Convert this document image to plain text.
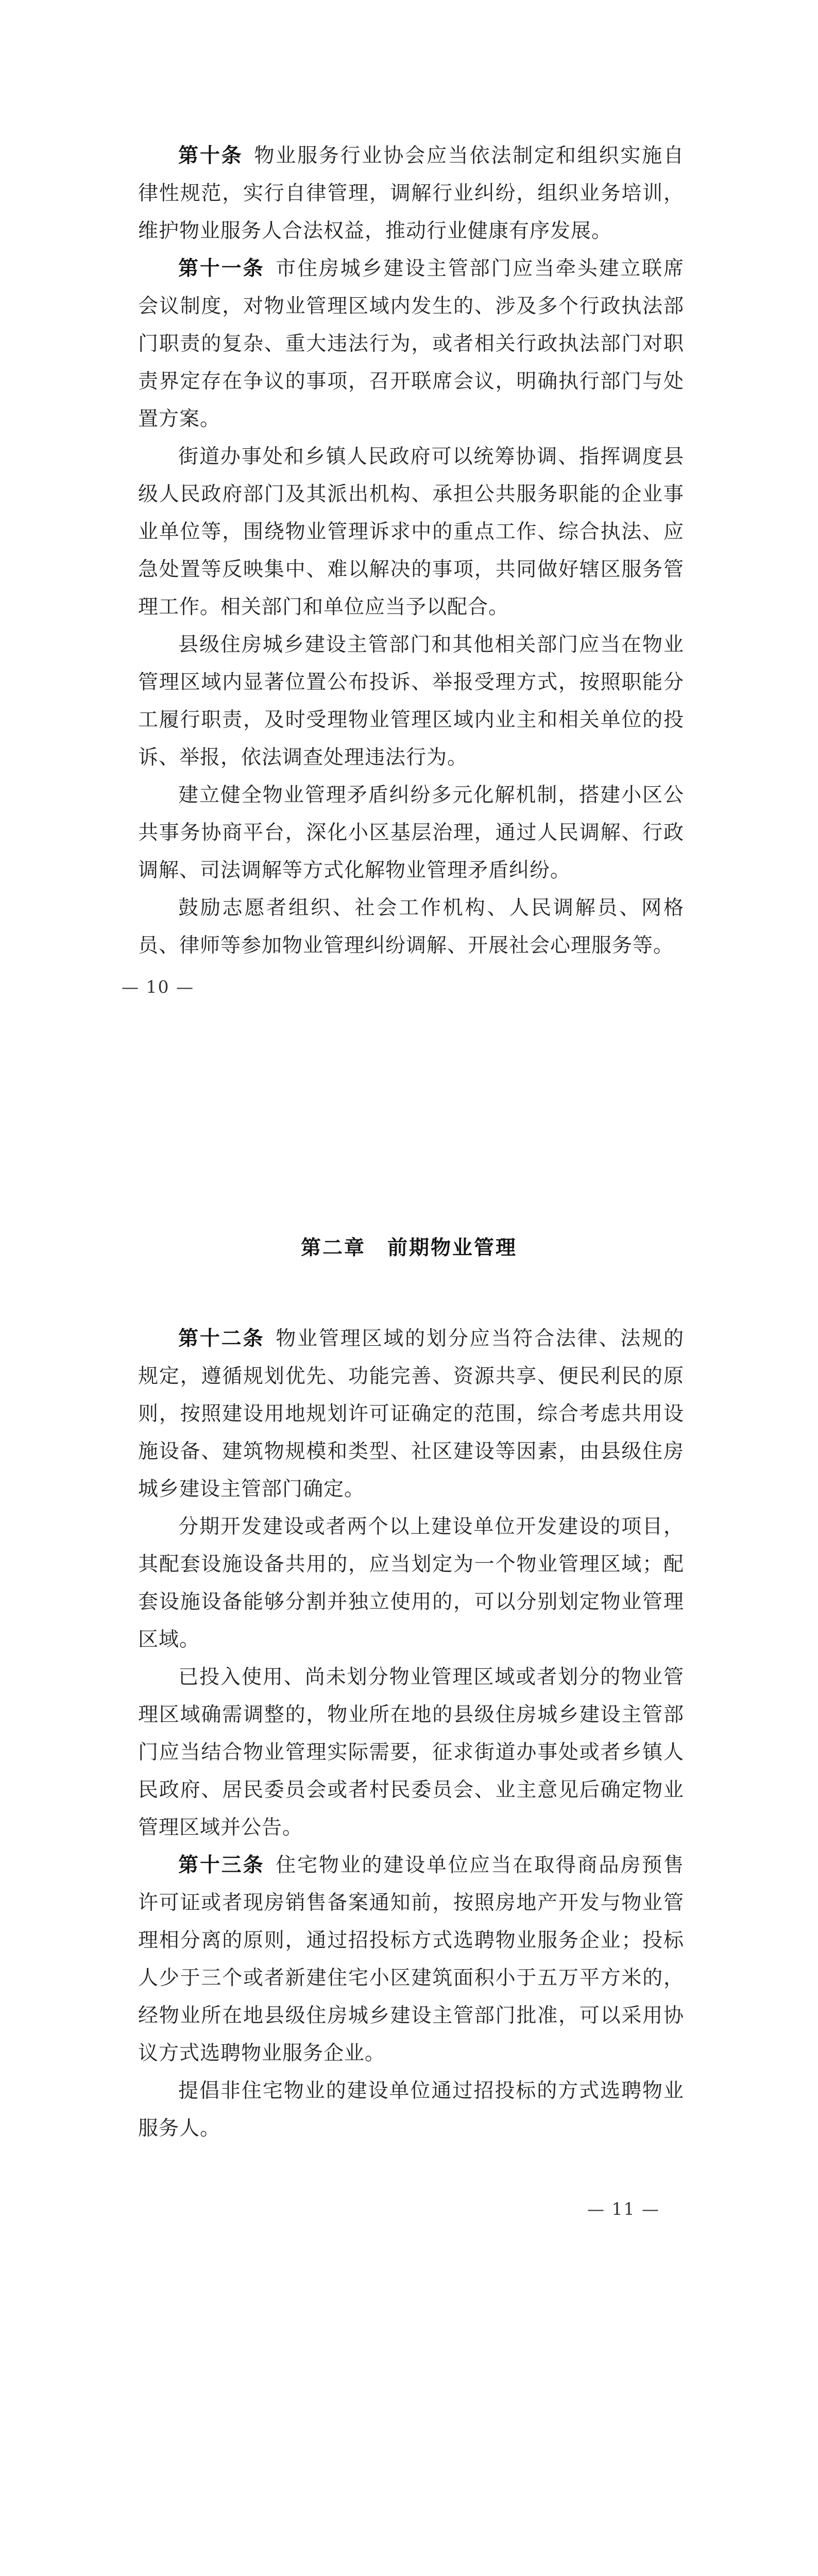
第十条 物业服务行业协会应当依法制定和组织实施自律性规范，实行自律管理，调解行业纠纷，组织业务培训，维护物业服务人合法权益，推动行业健康有序发展。

第十一条 市住房城乡建设主管部门应当牵头建立联席会议制度，对物业管理区域内发生的、涉及多个行政执法部门职责的复杂、重大违法行为，或者相关行政执法部门对职责界定存在争议的事项，召开联席会议，明确执行部门与处置方案。

街道办事处和乡镇人民政府可以统筹协调、指挥调度县级人民政府部门及其派出机构、承担公共服务职能的企业事业单位等，围绕物业管理诉求中的重点工作、综合执法、应急处置等反映集中、难以解决的事项，共同做好辖区服务管理工作。相关部门和单位应当予以配合。

县级住房城乡建设主管部门和其他相关部门应当在物业管理区域内显著位置公布投诉、举报受理方式，按照职能分工履行职责，及时受理物业管理区域内业主和相关单位的投诉、举报，依法调查处理违法行为。

建立健全物业管理矛盾纠纷多元化解机制，搭建小区公共事务协商平台，深化小区基层治理，通过人民调解、行政调解、司法调解等方式化解物业管理矛盾纠纷。

鼓励志愿者组织、社会工作机构、人民调解员、网格员、律师等参加物业管理纠纷调解、开展社会心理服务等。

— 10 —
第二章　前期物业管理

第十二条 物业管理区域的划分应当符合法律、法规的规定，遵循规划优先、功能完善、资源共享、便民利民的原则，按照建设用地规划许可证确定的范围，综合考虑共用设施设备、建筑物规模和类型、社区建设等因素，由县级住房城乡建设主管部门确定。

分期开发建设或者两个以上建设单位开发建设的项目，其配套设施设备共用的，应当划定为一个物业管理区域；配套设施设备能够分割并独立使用的，可以分别划定物业管理区域。

已投入使用、尚未划分物业管理区域或者划分的物业管理区域确需调整的，物业所在地的县级住房城乡建设主管部门应当结合物业管理实际需要，征求街道办事处或者乡镇人民政府、居民委员会或者村民委员会、业主意见后确定物业管理区域并公告。

第十三条 住宅物业的建设单位应当在取得商品房预售许可证或者现房销售备案通知前，按照房地产开发与物业管理相分离的原则，通过招投标方式选聘物业服务企业；投标人少于三个或者新建住宅小区建筑面积小于五万平方米的，经物业所在地县级住房城乡建设主管部门批准，可以采用协议方式选聘物业服务企业。

提倡非住宅物业的建设单位通过招投标的方式选聘物业服务人。

— 11 —
